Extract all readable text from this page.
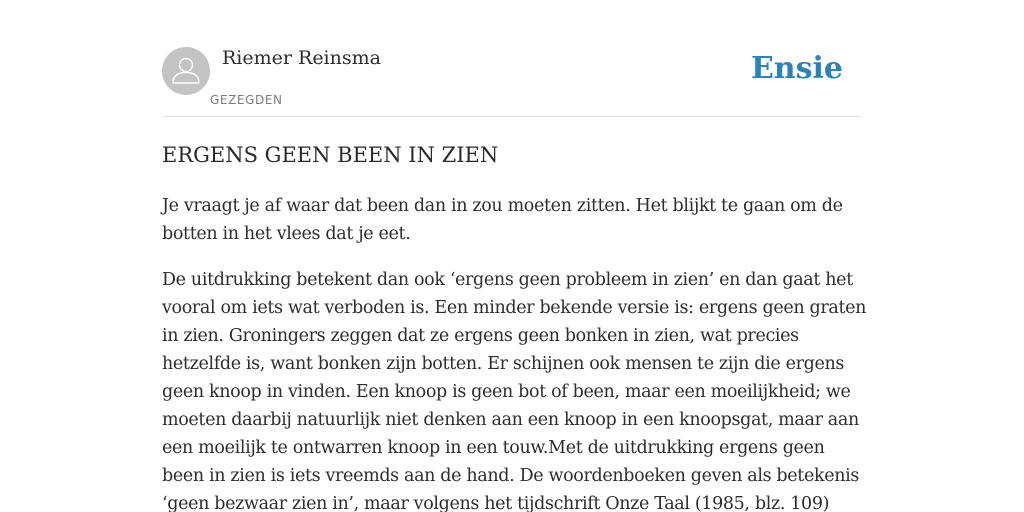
Riemer Reinsma
GEZEGDEN
Ensie
ERGENS GEEN BEEN IN ZIEN

Je vraagt je af waar dat been dan in zou moeten zitten. Het blijkt te gaan om de botten in het vlees dat je eet.

De uitdrukking betekent dan ook ‘ergens geen probleem in zien’ en dan gaat het vooral om iets wat verboden is. Een minder bekende versie is: ergens geen graten in zien. Groningers zeggen dat ze ergens geen bonken in zien, wat precies hetzelfde is, want bonken zijn botten. Er schijnen ook mensen te zijn die ergens geen knoop in vinden. Een knoop is geen bot of been, maar een moeilijkheid; we moeten daarbij natuurlijk niet denken aan een knoop in een knoopsgat, maar aan een moeilijk te ontwarren knoop in een touw.Met de uitdrukking ergens geen been in zien is iets vreemds aan de hand. De woordenboeken geven als betekenis ‘geen bezwaar zien in’, maar volgens het tijdschrift Onze Taal (1985, blz. 109)
